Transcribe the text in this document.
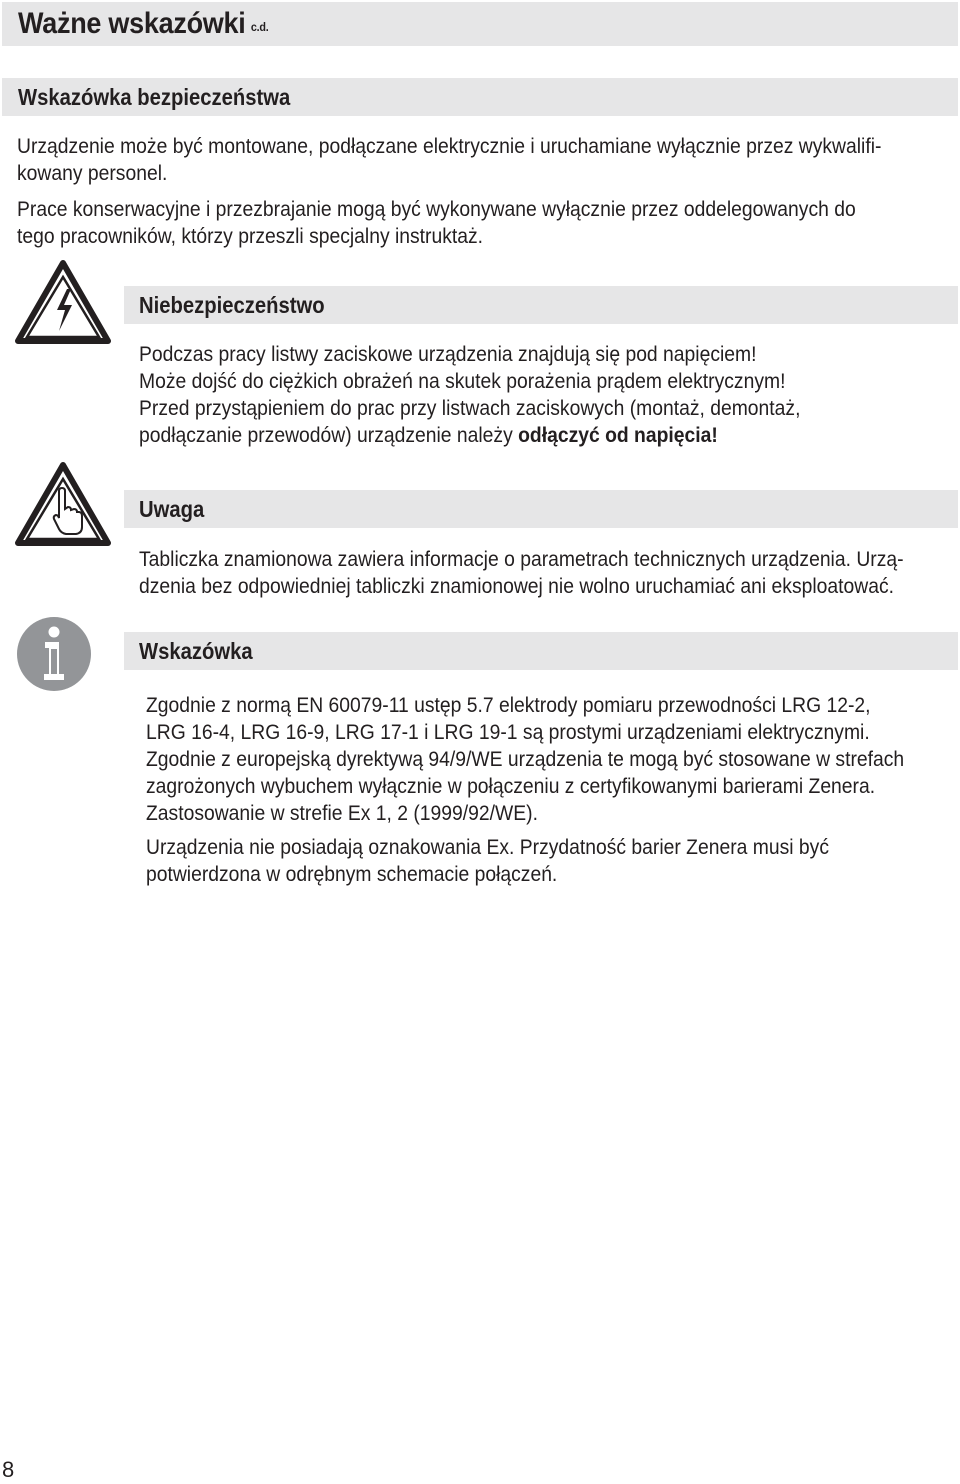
Ważne wskazówki c.d.
Wskazówka bezpieczeństwa

Urządzenie może być montowane, podłączane elektrycznie i uruchamiane wyłącznie przez wykwalifi-

kowany personel.

Prace konserwacyjne i przezbrajanie mogą być wykonywane wyłącznie przez oddelegowanych do

tego pracowników, którzy przeszli specjalny instruktaż.

Niebezpieczeństwo

Podczas pracy listwy zaciskowe urządzenia znajdują się pod napięciem!

Może dojść do ciężkich obrażeń na skutek porażenia prądem elektrycznym!

Przed przystąpieniem do prac przy listwach zaciskowych (montaż, demontaż,

podłączanie przewodów) urządzenie należy odłączyć od napięcia!

Uwaga

Tabliczka znamionowa zawiera informacje o parametrach technicznych urządzenia. Urzą-

dzenia bez odpowiedniej tabliczki znamionowej nie wolno uruchamiać ani eksploatować.

Wskazówka

Zgodnie z normą EN 60079-11 ustęp 5.7 elektrody pomiaru przewodności LRG 12-2,

LRG 16-4, LRG 16-9, LRG 17-1 i LRG 19-1 są prostymi urządzeniami elektrycznymi.

Zgodnie z europejską dyrektywą 94/9/WE urządzenia te mogą być stosowane w strefach

zagrożonych wybuchem wyłącznie w połączeniu z certyfikowanymi barierami Zenera.

Zastosowanie w strefie Ex 1, 2 (1999/92/WE).

Urządzenia nie posiadają oznakowania Ex. Przydatność barier Zenera musi być

potwierdzona w odrębnym schemacie połączeń.

8
